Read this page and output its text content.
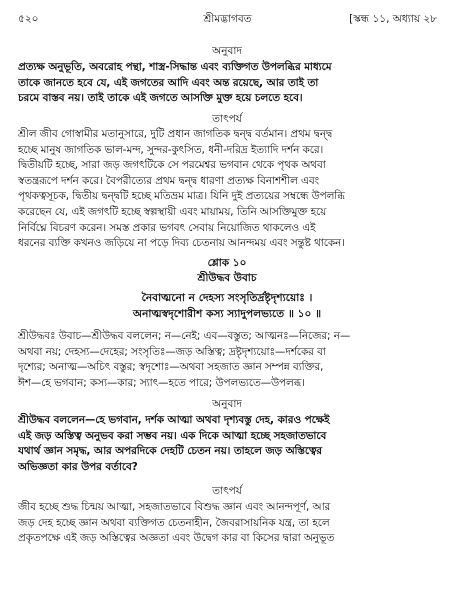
৫২০	শ্রীমদ্ভাগবত	[স্কন্ধ ১১, অধ্যায় ২৮
অনুবাদ
প্রত্যক্ষ অনুভূতি, অবরোহ পন্থা, শাস্ত্র-সিদ্ধান্ত এবং ব্যক্তিগত উপলব্ধির মাধ্যমে
তাকে জানতে হবে যে, এই জগতের আদি এবং অন্ত রয়েছে, আর তাই তা
চরমে বাস্তব নয়। তাই তাকে এই জগতে আসক্তি মুক্ত হয়ে চলতে হবে।
তাৎপর্য
শ্রীল জীব গোস্বামীর মতানুসারে, দুটি প্রধান জাগতিক দ্বন্দ্ব বর্তমান। প্রথম দ্বন্দ্ব
হচ্ছে মানুষ জাগতিক ভাল-মন্দ, সুন্দর-কুৎসিত, ধনী-দরিদ্র ইত্যাদি দর্শন করে।
দ্বিতীয়টি হচ্ছে, সারা জড় জগৎটিকে সে পরমেশ্বর ভগবান থেকে পৃথক অথবা
স্বতন্ত্ররূপে দর্শন করে। বৈপরীত্যের প্রথম দ্বন্দ্ব ধারণা প্রত্যক্ষ বিনাশশীল এবং
পৃথকত্বসূচক, দ্বিতীয় দ্বন্দ্বটি হচ্ছে মতিভ্রম মাত্র। যিনি দুই প্রত্যয়ের সম্বন্ধে উপলব্ধি
করেছেন যে, এই জগৎটি হচ্ছে স্বল্পস্থায়ী এবং মায়াময়, তিনি আসক্তিমুক্ত হয়ে
নির্বিঘ্নে বিচরণ করেন। সমস্ত প্রকার ভগবৎ সেবায় নিয়োজিত থাকলেও এই
ধরনের ব্যক্তি কখনও জড়িয়ে না পড়ে দিব্য চেতনায় আনন্দময় এবং সন্তুষ্ট থাকেন।
শ্লোক ১০
শ্রীউদ্ধব উবাচ
নৈবাত্মনো ন দেহস্য সংসৃতির্দ্রষ্টৃদৃশ্যয়োঃ ।
অনাত্মস্বদৃশোরীশ কস্য স্যাদুপলভ্যতে ॥ ১০ ॥
শ্রীউদ্ধবঃ উবাচ—শ্রীউদ্ধব বললেন; ন—নেই; এব—বস্তুত; আত্মনঃ—নিজের; ন—
অথবা নয়; দেহস্য—দেহের; সংসৃতিঃ—জড় অস্তিত্ব; দ্রষ্টৃদৃশ্যয়োঃ—দর্শকের বা
দৃশ্যের; অনাত্ম—অচিৎ বস্তুর; স্বদৃশোঃ—অথবা সহজাত জ্ঞান সম্পন্ন ব্যক্তির,
ঈশ—হে ভগবান; কস্য—কার; স্যাৎ—হতে পারে; উপলভ্যতে—উপলব্ধ।
অনুবাদ
শ্রীউদ্ধব বললেন—হে ভগবান, দর্শক আত্মা অথবা দৃশ্যবস্তু দেহ, কারও পক্ষেই
এই জড় অস্তিত্ব অনুভব করা সম্ভব নয়। এক দিকে আত্মা হচ্ছে সহজাতভাবে
যথার্থ জ্ঞান সমৃদ্ধ, আর অপরদিকে দেহটি চেতন নয়। তাহলে জড় অস্তিত্বের
অভিজ্ঞতা কার উপর বর্তাবে?
তাৎপর্য
জীব হচ্ছে শুদ্ধ চিন্ময় আত্মা, সহজাতভাবে বিশুদ্ধ জ্ঞান এবং আনন্দপূর্ণ, আর
জড় দেহ হচ্ছে জ্ঞান অথবা ব্যক্তিগত চেতনাহীন, জৈবরাসায়নিক যন্ত্র, তা হলে
প্রকৃতপক্ষে এই জড় অস্তিত্বের অজ্ঞতা এবং উদ্বেগ কার বা কিসের দ্বারা অনুভূত
